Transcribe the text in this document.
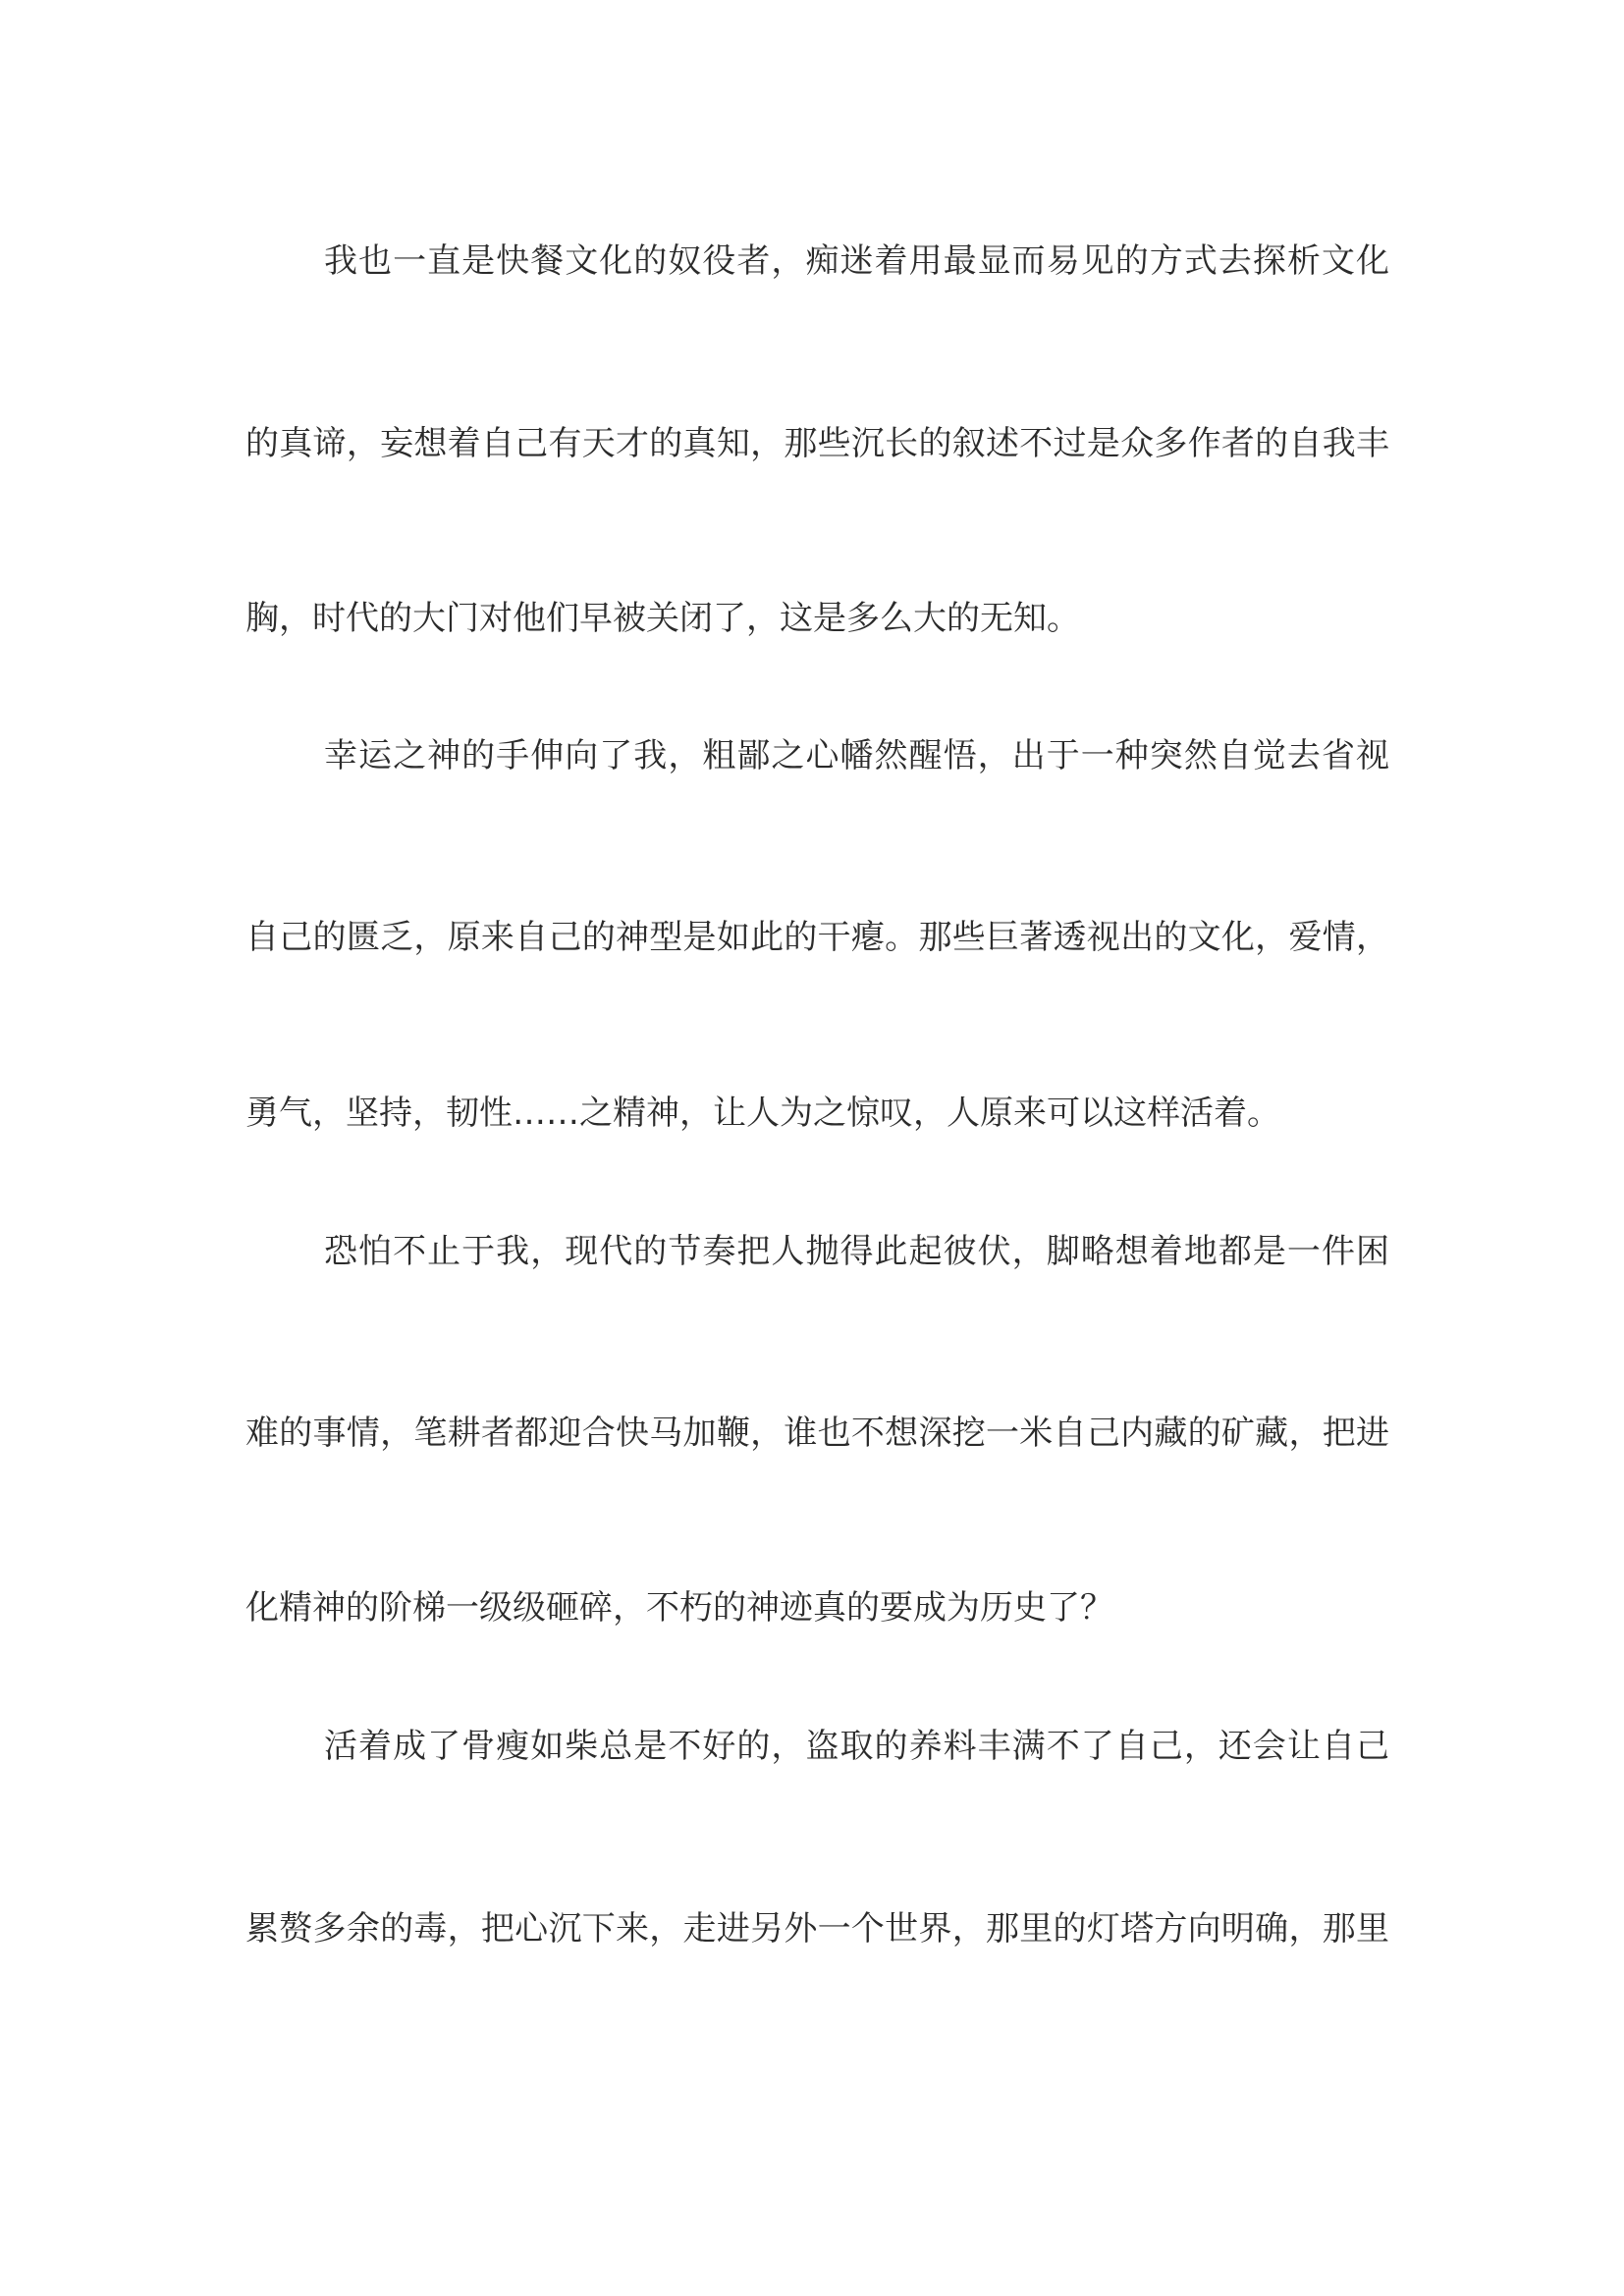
我也一直是快餐文化的奴役者，痴迷着用最显而易见的方式去探析文化
的真谛，妄想着自己有天才的真知，那些沉长的叙述不过是众多作者的自我丰
胸，时代的大门对他们早被关闭了，这是多么大的无知。
幸运之神的手伸向了我，粗鄙之心幡然醒悟，出于一种突然自觉去省视
自己的匮乏，原来自己的神型是如此的干瘪。那些巨著透视出的文化，爱情，
勇气，坚持，韧性……之精神，让人为之惊叹，人原来可以这样活着。
恐怕不止于我，现代的节奏把人抛得此起彼伏，脚略想着地都是一件困
难的事情，笔耕者都迎合快马加鞭，谁也不想深挖一米自己内藏的矿藏，把进
化精神的阶梯一级级砸碎，不朽的神迹真的要成为历史了？
活着成了骨瘦如柴总是不好的，盗取的养料丰满不了自己，还会让自己
累赘多余的毒，把心沉下来，走进另外一个世界，那里的灯塔方向明确，那里
